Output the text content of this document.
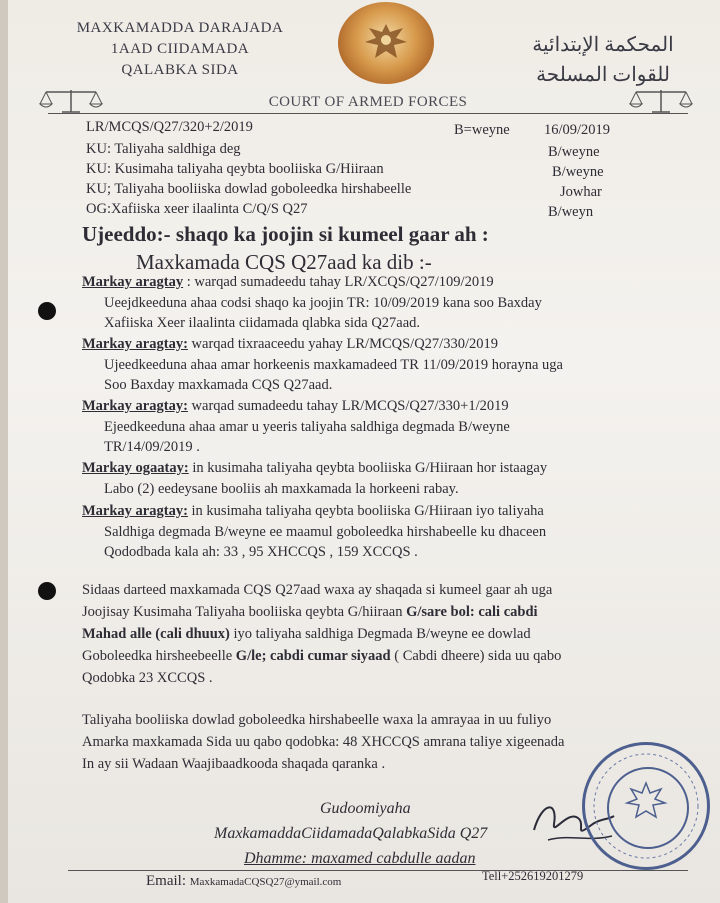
MAXKAMADDA DARAJADA
1AAD CIIDAMADA
QALABKA SIDA
المحكمة الإبتدائية
للقوات المسلحة
COURT OF ARMED FORCES
LR/MCQS/Q27/320+2/2019	B=weyne 16/09/2019
KU: Taliyaha saldhiga deg	B/weyne
KU: Kusimaha taliyaha qeybta booliiska G/Hiiraan	B/weyne
KU; Taliyaha booliiska dowlad goboleedka hirshabeelle	Jowhar
OG:Xafiiska xeer ilaalinta C/Q/S Q27	B/weyn
Ujeeddo:- shaqo ka joojin si kumeel gaar ah :
Maxkamada CQS Q27aad ka dib :-
Markay aragtay : warqad sumadeedu tahay LR/XCQS/Q27/109/2019
Ueejdkeeduna ahaa codsi shaqo ka joojin TR: 10/09/2019 kana soo Baxday
Xafiiska Xeer ilaalinta ciidamada qlabka sida Q27aad.
Markay aragtay: warqad tixraaceedu yahay LR/MCQS/Q27/330/2019
Ujeedkeeduna ahaa amar horkeenis maxkamadeed TR 11/09/2019 horayna uga
Soo Baxday maxkamada CQS Q27aad.
Markay aragtay: warqad sumadeedu tahay LR/MCQS/Q27/330+1/2019
Ejeedkeeduna ahaa amar u yeeris taliyaha saldhiga degmada B/weyne
TR/14/09/2019 .
Markay ogaatay: in kusimaha taliyaha qeybta booliiska G/Hiiraan hor istaagay
Labo (2) eedeysane booliis ah maxkamada la horkeeni rabay.
Markay aragtay: in kusimaha taliyaha qeybta booliiska G/Hiiraan iyo taliyaha
Saldhiga degmada B/weyne ee maamul goboleedka hirshabeelle ku dhaceen
Qododbada kala ah: 33 , 95 XHCCQS , 159 XCCQS .
Sidaas darteed maxkamada CQS Q27aad waxa ay shaqada si kumeel gaar ah uga
Joojisay Kusimaha Taliyaha booliiska qeybta G/hiiraan G/sare bol: cali cabdi
Mahad alle (cali dhuux) iyo taliyaha saldhiga Degmada B/weyne ee dowlad
Goboleedka hirsheebeelle G/le; cabdi cumar siyaad ( Cabdi dheere) sida uu qabo
Qodobka 23 XCCQS .
Taliyaha booliiska dowlad goboleedka hirshabeelle waxa la amrayaa in uu fuliyo
Amarka maxkamada Sida uu qabo qodobka: 48 XHCCQS amrana taliye xigeenada
In ay sii Wadaan Waajibaadkooda shaqada qaranka .
Gudoomiyaha
MaxkamaddaCiidamadaQalabkaSida Q27
Dhamme: maxamed cabdulle aadan
Email: MaxkamadaCQSQ27@ymail.com	Tell+252619201279
